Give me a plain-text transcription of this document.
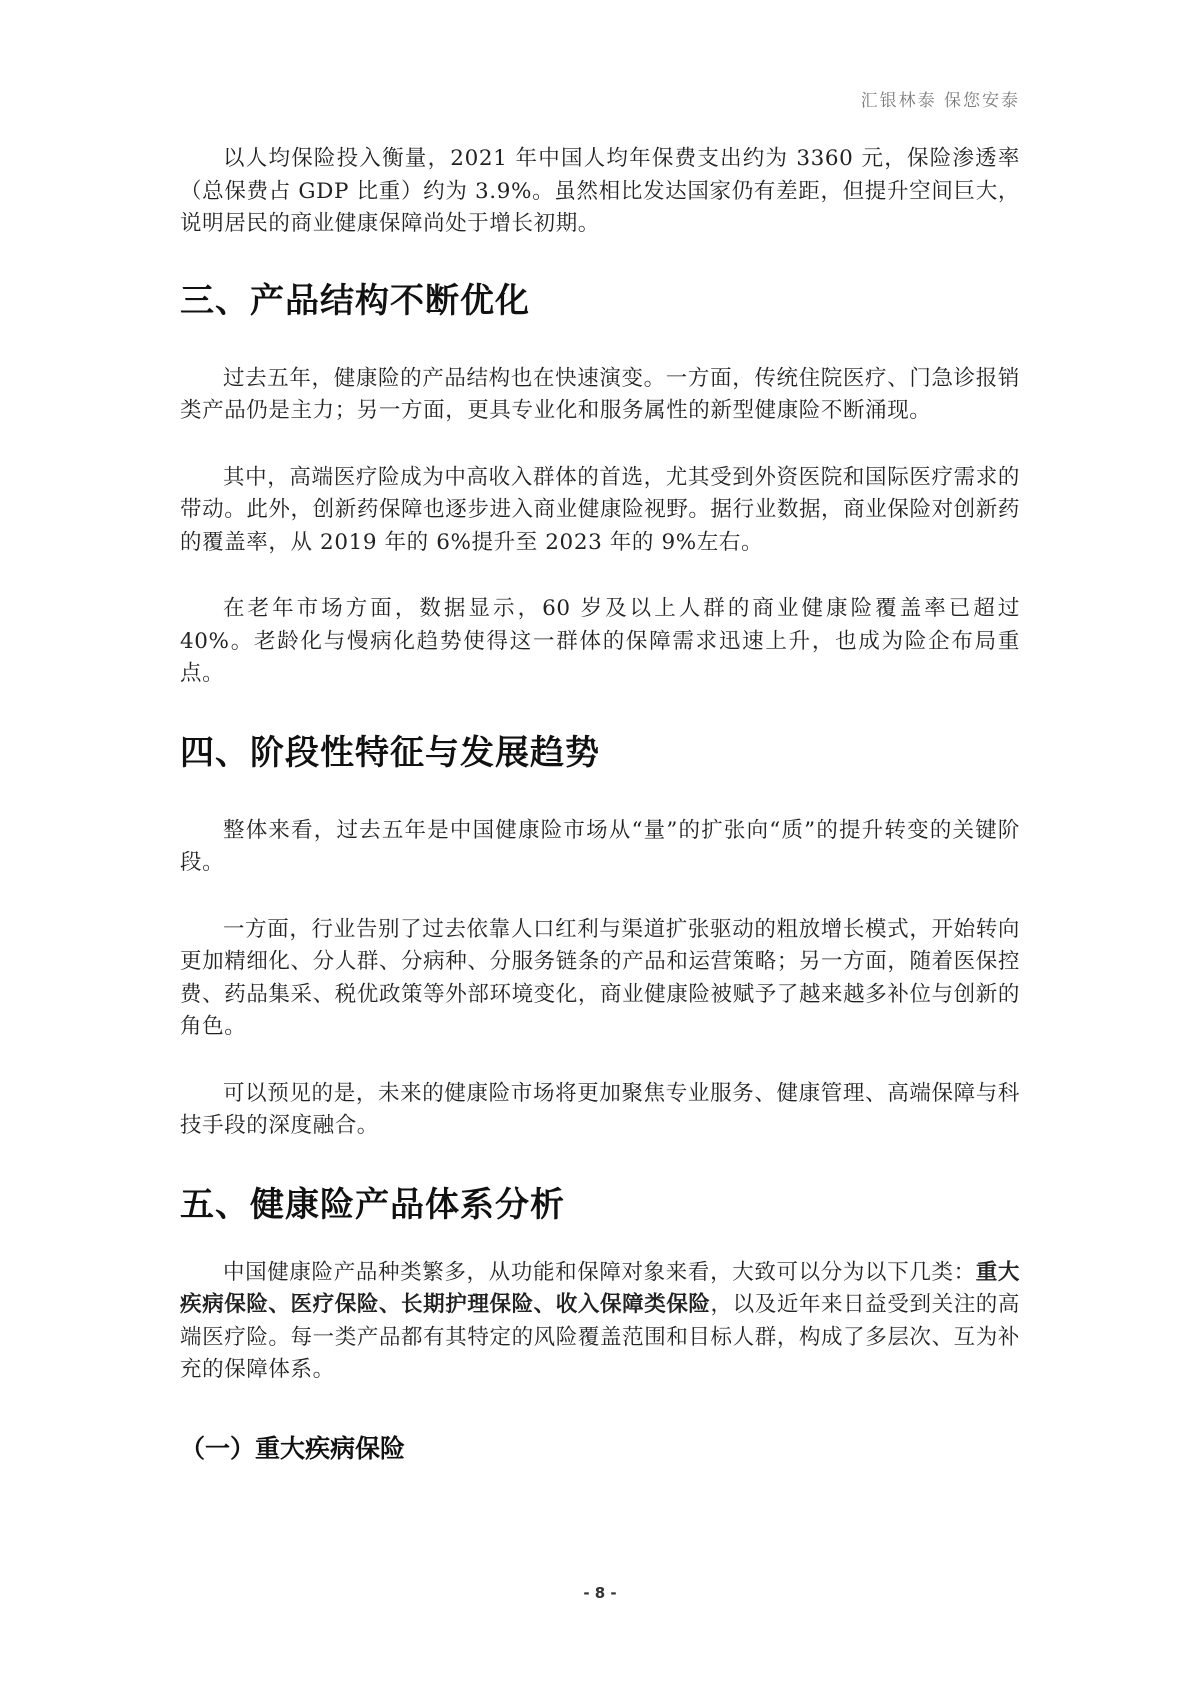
汇银林泰 保您安泰

以人均保险投入衡量，2021 年中国人均年保费支出约为 3360 元，保险渗透率（总保费占 GDP 比重）约为 3.9%。虽然相比发达国家仍有差距，但提升空间巨大，说明居民的商业健康保障尚处于增长初期。

三、产品结构不断优化

过去五年，健康险的产品结构也在快速演变。一方面，传统住院医疗、门急诊报销类产品仍是主力；另一方面，更具专业化和服务属性的新型健康险不断涌现。

其中，高端医疗险成为中高收入群体的首选，尤其受到外资医院和国际医疗需求的带动。此外，创新药保障也逐步进入商业健康险视野。据行业数据，商业保险对创新药的覆盖率，从 2019 年的 6%提升至 2023 年的 9%左右。

在老年市场方面，数据显示，60 岁及以上人群的商业健康险覆盖率已超过 40%。老龄化与慢病化趋势使得这一群体的保障需求迅速上升，也成为险企布局重点。

四、阶段性特征与发展趋势

整体来看，过去五年是中国健康险市场从“量”的扩张向“质”的提升转变的关键阶段。

一方面，行业告别了过去依靠人口红利与渠道扩张驱动的粗放增长模式，开始转向更加精细化、分人群、分病种、分服务链条的产品和运营策略；另一方面，随着医保控费、药品集采、税优政策等外部环境变化，商业健康险被赋予了越来越多补位与创新的角色。

可以预见的是，未来的健康险市场将更加聚焦专业服务、健康管理、高端保障与科技手段的深度融合。

五、健康险产品体系分析

中国健康险产品种类繁多，从功能和保障对象来看，大致可以分为以下几类：重大疾病保险、医疗保险、长期护理保险、收入保障类保险，以及近年来日益受到关注的高端医疗险。每一类产品都有其特定的风险覆盖范围和目标人群，构成了多层次、互为补充的保障体系。

（一）重大疾病保险
- 8 -
